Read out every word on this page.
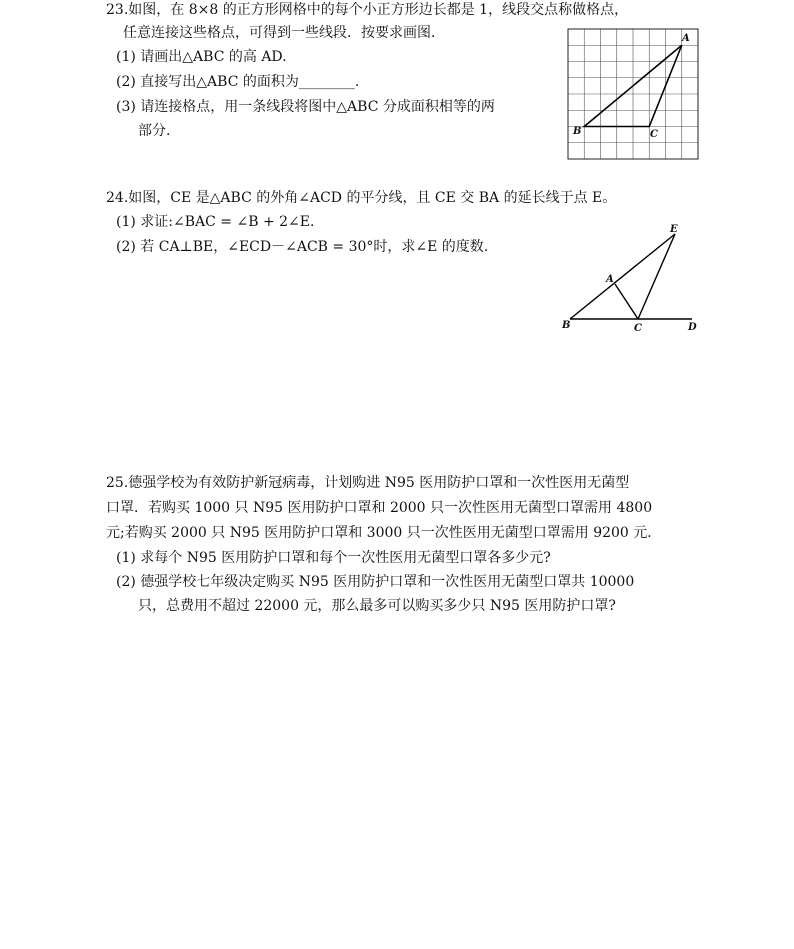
23.如图，在 8×8 的正方形网格中的每个小正方形边长都是 1，线段交点称做格点，
任意连接这些格点，可得到一些线段．按要求画图．
(1) 请画出△ABC 的高 AD.
(2) 直接写出△ABC 的面积为________.
(3) 请连接格点，用一条线段将图中△ABC 分成面积相等的两
部分.
A
B	C
24.如图，CE 是△ABC 的外角∠ACD 的平分线，且 CE 交 BA 的延长线于点 E。
(1) 求证:∠BAC = ∠B + 2∠E.
(2) 若 CA⊥BE，∠ECD－∠ACB = 30°时，求∠E 的度数.
E
A
B	C	D
25.德强学校为有效防护新冠病毒，计划购进 N95 医用防护口罩和一次性医用无菌型
口罩．若购买 1000 只 N95 医用防护口罩和 2000 只一次性医用无菌型口罩需用 4800
元;若购买 2000 只 N95 医用防护口罩和 3000 只一次性医用无菌型口罩需用 9200 元．
(1) 求每个 N95 医用防护口罩和每个一次性医用无菌型口罩各多少元?
(2) 德强学校七年级决定购买 N95 医用防护口罩和一次性医用无菌型口罩共 10000
只，总费用不超过 22000 元，那么最多可以购买多少只 N95 医用防护口罩?
